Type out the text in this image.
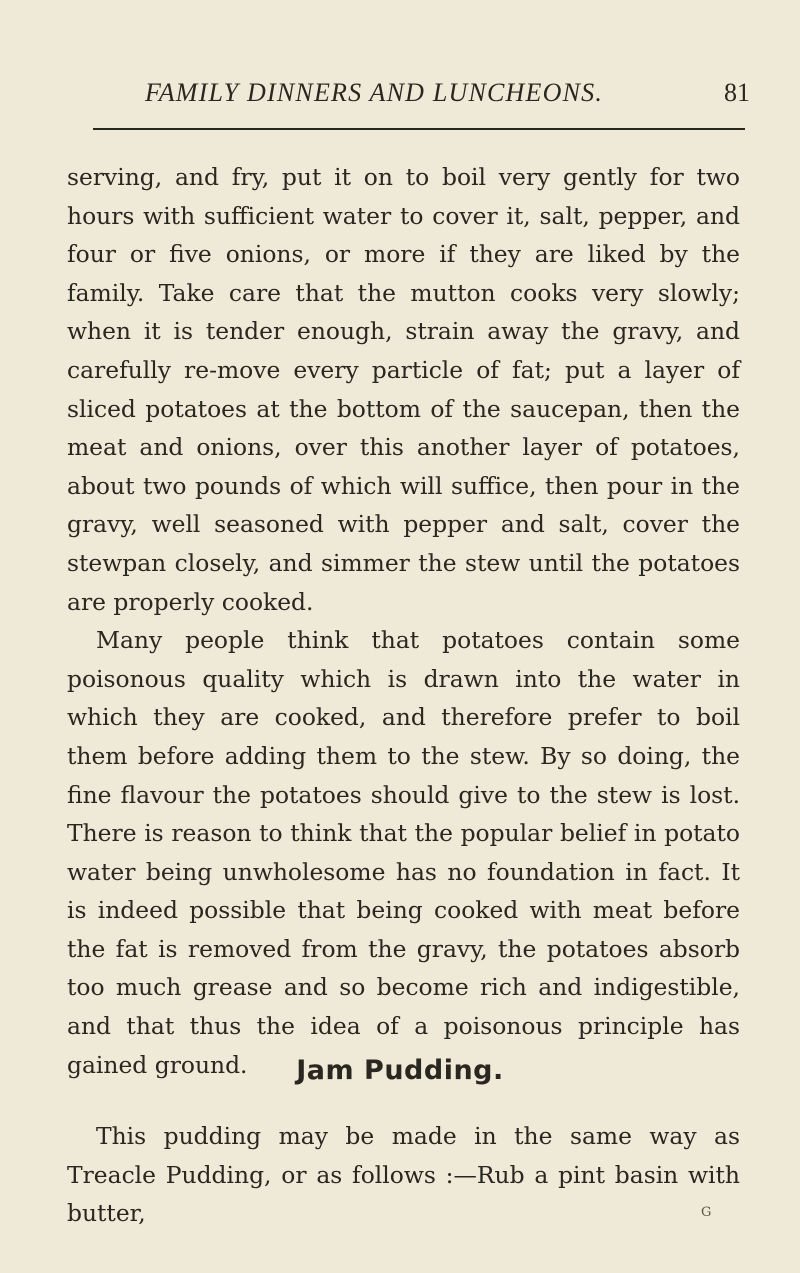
FAMILY DINNERS AND LUNCHEONS.	81

serving, and fry, put it on to boil very gently for two hours with sufficient water to cover it, salt, pepper, and four or five onions, or more if they are liked by the family. Take care that the mutton cooks very slowly; when it is tender enough, strain away the gravy, and carefully re-move every particle of fat; put a layer of sliced potatoes at the bottom of the saucepan, then the meat and onions, over this another layer of potatoes, about two pounds of which will suffice, then pour in the gravy, well seasoned with pepper and salt, cover the stewpan closely, and simmer the stew until the potatoes are properly cooked.

Many people think that potatoes contain some poisonous quality which is drawn into the water in which they are cooked, and therefore prefer to boil them before adding them to the stew. By so doing, the fine flavour the potatoes should give to the stew is lost. There is reason to think that the popular belief in potato water being unwholesome has no foundation in fact. It is indeed possible that being cooked with meat before the fat is removed from the gravy, the potatoes absorb too much grease and so become rich and indigestible, and that thus the idea of a poisonous principle has gained ground.	Jam Pudding.

This pudding may be made in the same way as Treacle Pudding, or as follows :—Rub a pint basin with butter,	G
